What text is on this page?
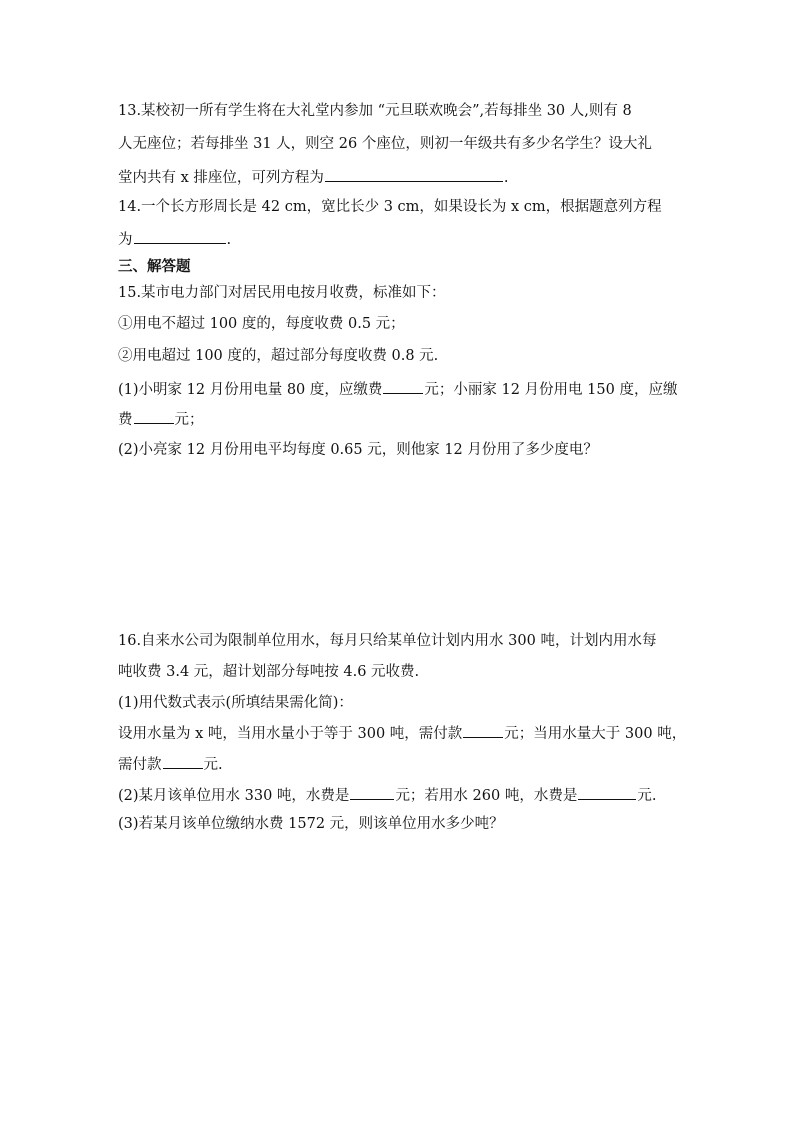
13.某校初一所有学生将在大礼堂内参加 “元旦联欢晚会”,若每排坐 30 人,则有 8
人无座位；若每排坐 31 人，则空 26 个座位，则初一年级共有多少名学生？设大礼
堂内共有 x 排座位，可列方程为	.
14.一个长方形周长是 42 cm，宽比长少 3 cm，如果设长为 x cm，根据题意列方程
为	.
三、解答题
15.某市电力部门对居民用电按月收费，标准如下：
①用电不超过 100 度的，每度收费 0.5 元；
②用电超过 100 度的，超过部分每度收费 0.8 元.
(1)小明家 12 月份用电量 80 度，应缴费	元；小丽家 12 月份用电 150 度，应缴
费	元；
(2)小亮家 12 月份用电平均每度 0.65 元，则他家 12 月份用了多少度电？
16.自来水公司为限制单位用水，每月只给某单位计划内用水 300 吨，计划内用水每
吨收费 3.4 元，超计划部分每吨按 4.6 元收费.
(1)用代数式表示(所填结果需化简)：
设用水量为 x 吨，当用水量小于等于 300 吨，需付款	元；当用水量大于 300 吨，
需付款	元.
(2)某月该单位用水 330 吨，水费是	元；若用水 260 吨，水费是	元.
(3)若某月该单位缴纳水费 1572 元，则该单位用水多少吨？
